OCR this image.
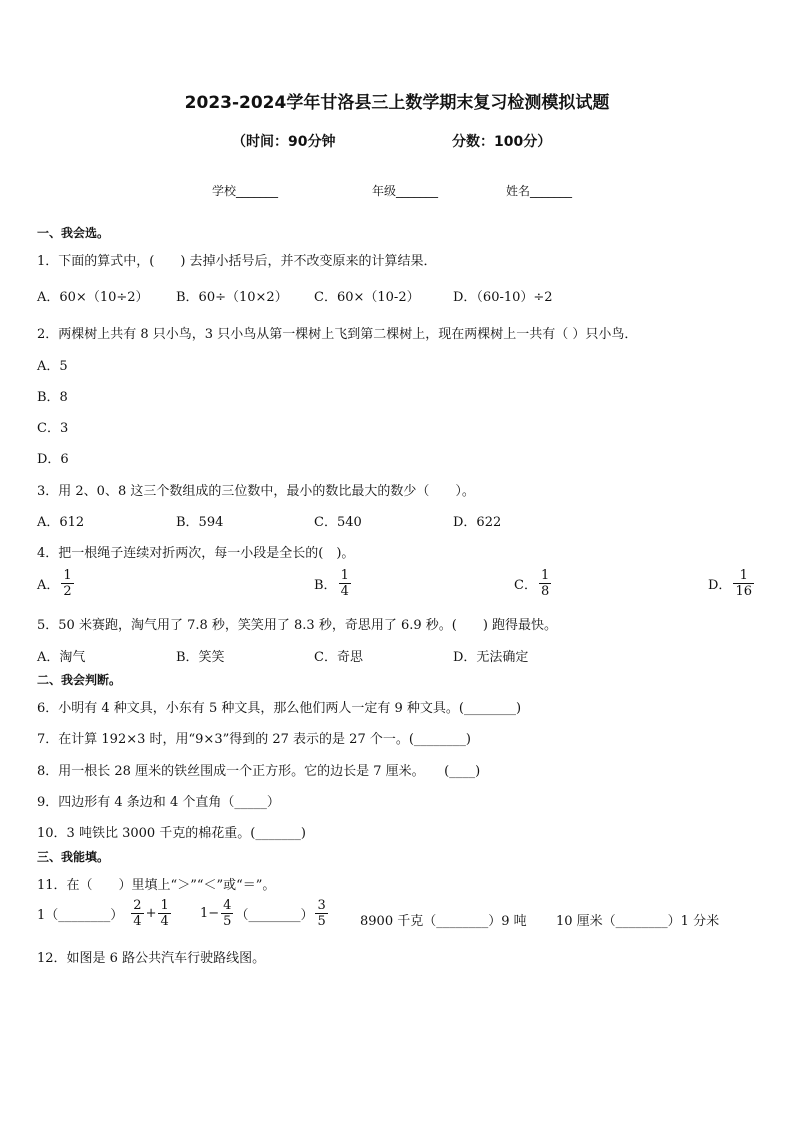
2023-2024学年甘洛县三上数学期末复习检测模拟试题
（时间：90分钟	分数：100分）
学校_______	年级_______	姓名_______
一、我会选。
1．下面的算式中，(　　) 去掉小括号后，并不改变原来的计算结果．
A．60×（10÷2） B．60÷（10×2） C．60×（10-2）	D．（60-10）÷2
2．两棵树上共有 8 只小鸟，3 只小鸟从第一棵树上飞到第二棵树上，现在两棵树上一共有（ ）只小鸟．
A．5
B．8
C．3
D．6
3．用 2、0、8 这三个数组成的三位数中，最小的数比最大的数少（　　）。
A．612	B．594	C．540	D．622
4．把一根绳子连续对折两次，每一小段是全长的(　)。
A． $\frac{1}{2}$	B． $\frac{1}{4}$	C． $\frac{1}{8}$	D． $\frac{1}{16}$
5．50 米赛跑，淘气用了 7.8 秒，笑笑用了 8.3 秒，奇思用了 6.9 秒。(　　) 跑得最快。
A．淘气	B．笑笑	C．奇思	D．无法确定
二、我会判断。
6．小明有 4 种文具，小东有 5 种文具，那么他们两人一定有 9 种文具。(________)
7．在计算 192×3 时，用“9×3”得到的 27 表示的是 27 个一。(________)
8．用一根长 28 厘米的铁丝围成一个正方形。它的边长是 7 厘米。　　(____)
9．四边形有 4 条边和 4 个直角（_____）
10．3 吨铁比 3000 千克的棉花重。(_______)
三、我能填。
11．在（　　）里填上“＞”“＜”或“＝”。
1（________） $\frac{2}{4} + \frac{1}{4} 1- \frac{4}{5}$ （________） $\frac{3}{5} 8900$ 千克（________）9 吨 10 厘米（________）1 分米
12．如图是 6 路公共汽车行驶路线图。
